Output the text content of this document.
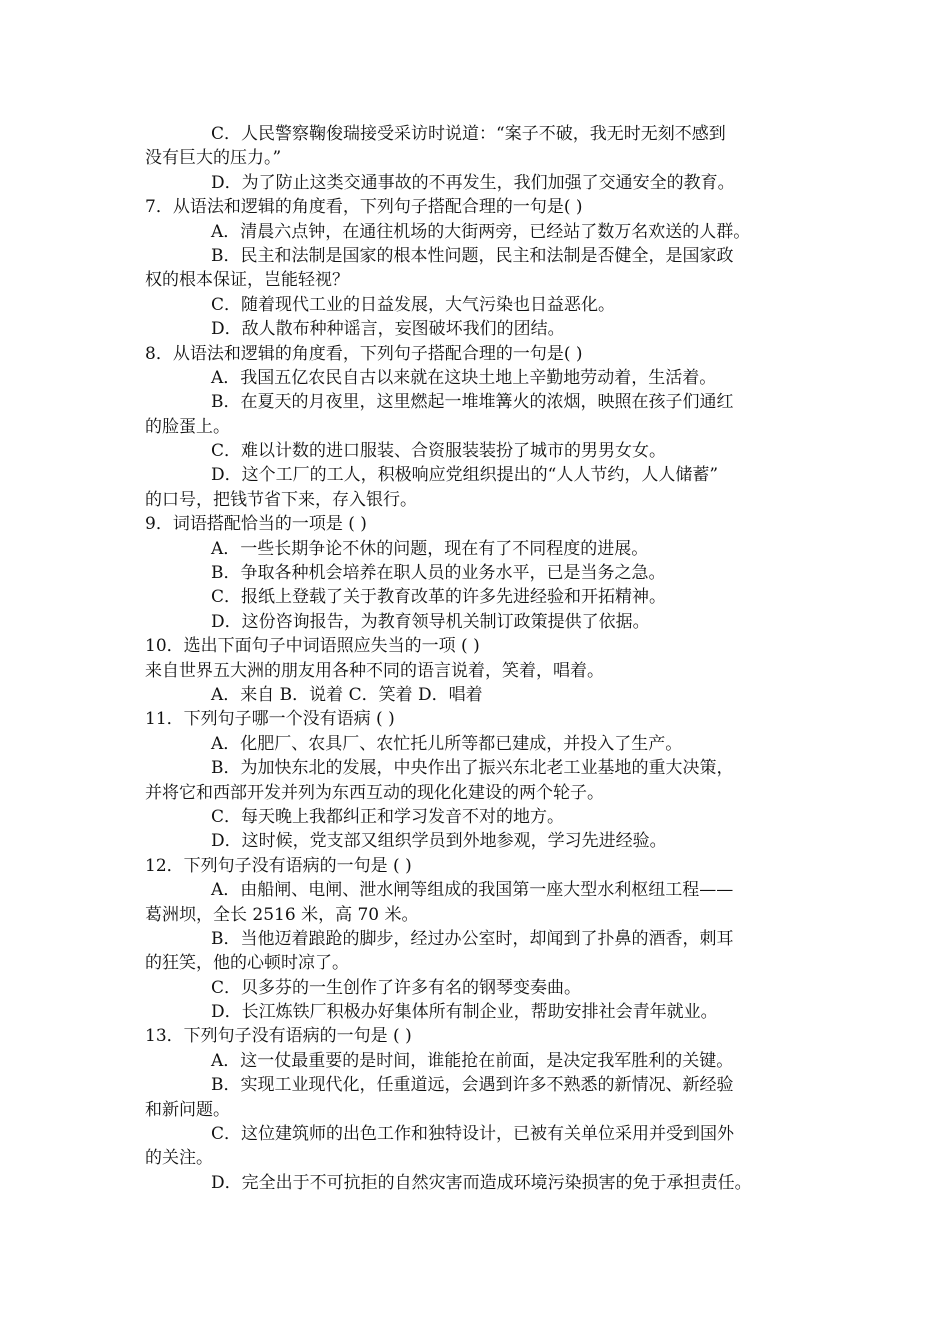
C．人民警察鞠俊瑞接受采访时说道：“案子不破，我无时无刻不感到
没有巨大的压力。”
D．为了防止这类交通事故的不再发生，我们加强了交通安全的教育。
7．从语法和逻辑的角度看，下列句子搭配合理的一句是( )
A．清晨六点钟，在通往机场的大街两旁，已经站了数万名欢送的人群。
B．民主和法制是国家的根本性问题，民主和法制是否健全，是国家政
权的根本保证，岂能轻视？
C．随着现代工业的日益发展，大气污染也日益恶化。
D．敌人散布种种谣言，妄图破坏我们的团结。
8．从语法和逻辑的角度看，下列句子搭配合理的一句是( )
A．我国五亿农民自古以来就在这块土地上辛勤地劳动着，生活着。
B．在夏天的月夜里，这里燃起一堆堆篝火的浓烟，映照在孩子们通红
的脸蛋上。
C．难以计数的进口服装、合资服装装扮了城市的男男女女。
D．这个工厂的工人，积极响应党组织提出的“人人节约，人人储蓄”
的口号，把钱节省下来，存入银行。
9．词语搭配恰当的一项是 ( )
A．一些长期争论不休的问题，现在有了不同程度的进展。
B．争取各种机会培养在职人员的业务水平，已是当务之急。
C．报纸上登载了关于教育改革的许多先进经验和开拓精神。
D．这份咨询报告，为教育领导机关制订政策提供了依据。
10．选出下面句子中词语照应失当的一项 ( )
来自世界五大洲的朋友用各种不同的语言说着，笑着，唱着。
A．来自 B．说着 C．笑着 D．唱着
11．下列句子哪一个没有语病 ( )
A．化肥厂、农具厂、农忙托儿所等都已建成，并投入了生产。
B．为加快东北的发展，中央作出了振兴东北老工业基地的重大决策，
并将它和西部开发并列为东西互动的现化化建设的两个轮子。
C．每天晚上我都纠正和学习发音不对的地方。
D．这时候，党支部又组织学员到外地参观，学习先进经验。
12．下列句子没有语病的一句是 ( )
A．由船闸、电闸、泄水闸等组成的我国第一座大型水利枢纽工程——
葛洲坝，全长 2516 米，高 70 米。
B．当他迈着踉跄的脚步，经过办公室时，却闻到了扑鼻的酒香，刺耳
的狂笑，他的心顿时凉了。
C．贝多芬的一生创作了许多有名的钢琴变奏曲。
D．长江炼铁厂积极办好集体所有制企业，帮助安排社会青年就业。
13．下列句子没有语病的一句是 ( )
A．这一仗最重要的是时间，谁能抢在前面，是决定我军胜利的关键。
B．实现工业现代化，任重道远，会遇到许多不熟悉的新情况、新经验
和新问题。
C．这位建筑师的出色工作和独特设计，已被有关单位采用并受到国外
的关注。
D．完全出于不可抗拒的自然灾害而造成环境污染损害的免于承担责任。
